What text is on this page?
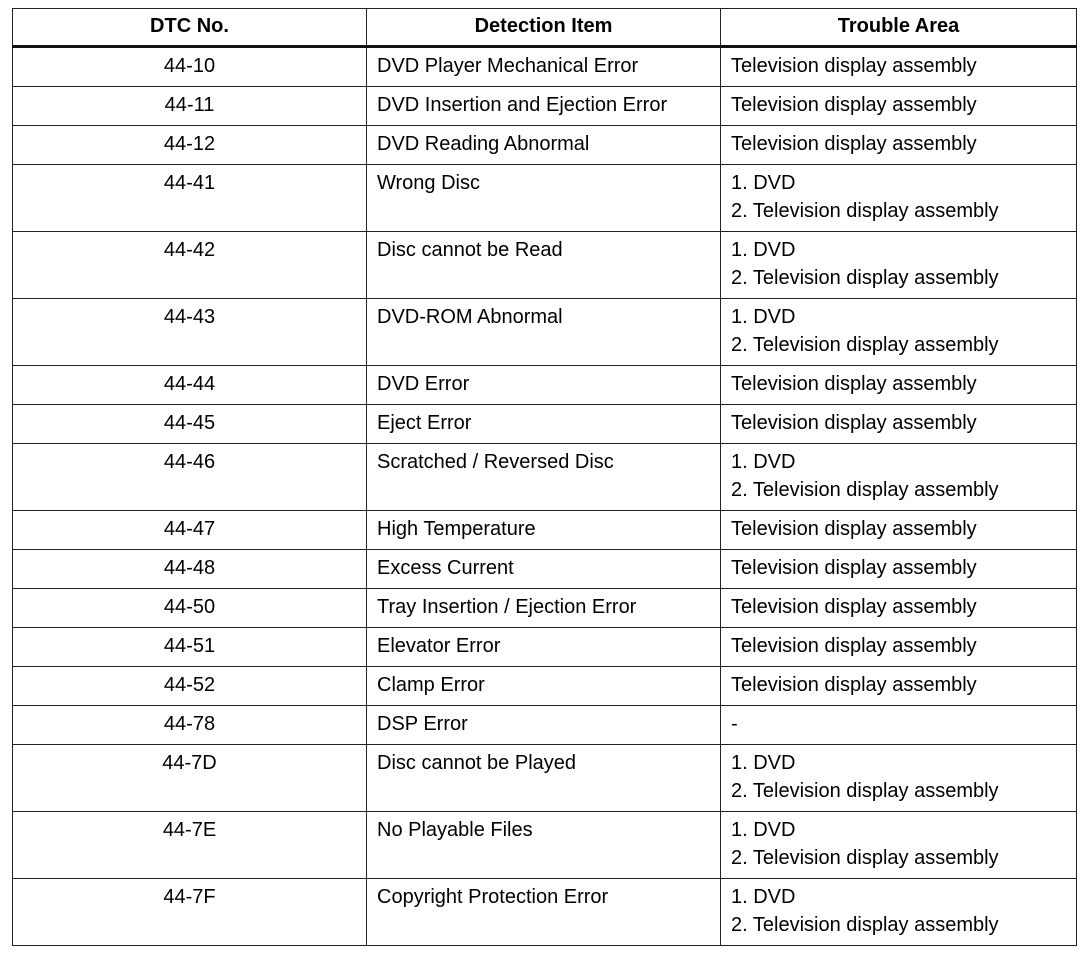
DTC No.	Detection Item	Trouble Area
44-10	DVD Player Mechanical Error	Television display assembly

44-11	DVD Insertion and Ejection Error	Television display assembly

44-12	DVD Reading Abnormal	Television display assembly

44-41	Wrong Disc	1. DVD
2. Television display assembly

44-42	Disc cannot be Read	1. DVD
2. Television display assembly

44-43	DVD-ROM Abnormal	1. DVD
2. Television display assembly

44-44	DVD Error	Television display assembly

44-45	Eject Error	Television display assembly

44-46	Scratched / Reversed Disc	1. DVD
2. Television display assembly

44-47	High Temperature	Television display assembly

44-48	Excess Current	Television display assembly

44-50	Tray Insertion / Ejection Error	Television display assembly

44-51	Elevator Error	Television display assembly

44-52	Clamp Error	Television display assembly

44-78	DSP Error	-

44-7D	Disc cannot be Played	1. DVD
2. Television display assembly

44-7E	No Playable Files	1. DVD
2. Television display assembly

44-7F	Copyright Protection Error	1. DVD
2. Television display assembly
